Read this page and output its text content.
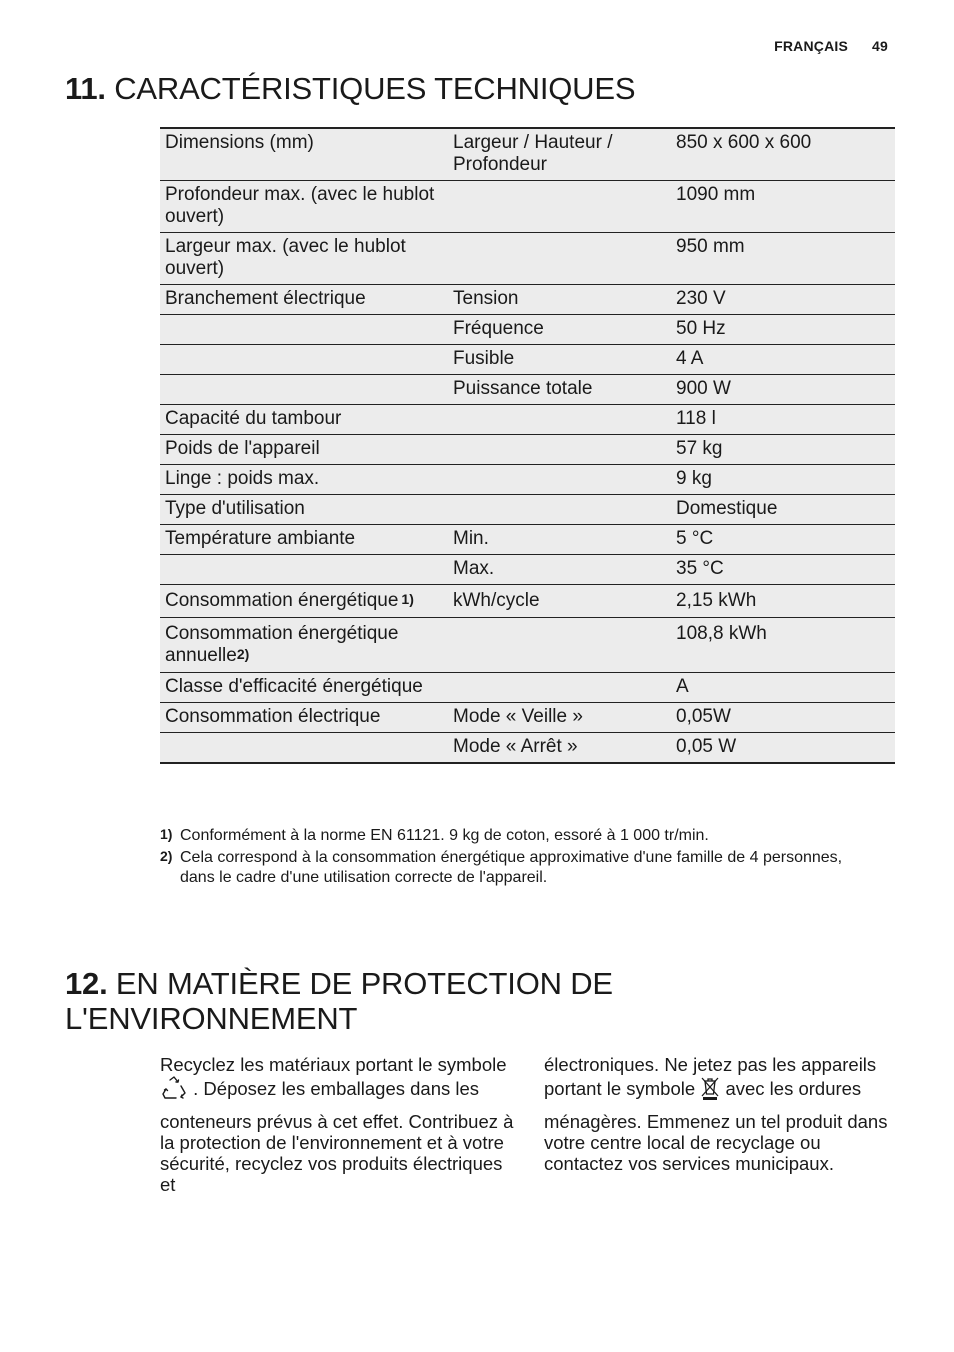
FRANÇAIS 49
11. CARACTÉRISTIQUES TECHNIQUES
Dimensions (mm)	Largeur / Hauteur / Profondeur	850 x 600 x 600
Profondeur max. (avec le hublot ouvert)		1090 mm
Largeur max. (avec le hublot ouvert)		950 mm
Branchement électrique	Tension	230 V
	Fréquence	50 Hz
	Fusible	4 A
	Puissance totale	900 W
Capacité du tambour		118 l
Poids de l'appareil		57 kg
Linge : poids max.		9 kg
Type d'utilisation		Domestique
Température ambiante	Min.	5 °C
	Max.	35 °C
Consommation énergétique $^{1)}$	kWh/cycle	2,15 kWh
Consommation énergétique annuelle$^{2)}$		108,8 kWh
Classe d'efficacité énergétique		A
Consommation électrique	Mode « Veille »	0,05W
	Mode « Arrêt »	0,05 W
1) Conformément à la norme EN 61121. 9 kg de coton, essoré à 1 000 tr/min.
2) Cela correspond à la consommation énergétique approximative d'une famille de 4 personnes, dans le cadre d'une utilisation correcte de l'appareil.
12. EN MATIÈRE DE PROTECTION DE
L'ENVIRONNEMENT

Recyclez les matériaux portant le symbole  . Déposez les emballages dans les

conteneurs prévus à cet effet. Contribuez à la protection de l'environnement et à votre sécurité, recyclez vos produits électriques et

électroniques. Ne jetez pas les appareils

portant le symbole avec les ordures

ménagères. Emmenez un tel produit dans votre centre local de recyclage ou contactez vos services municipaux.
